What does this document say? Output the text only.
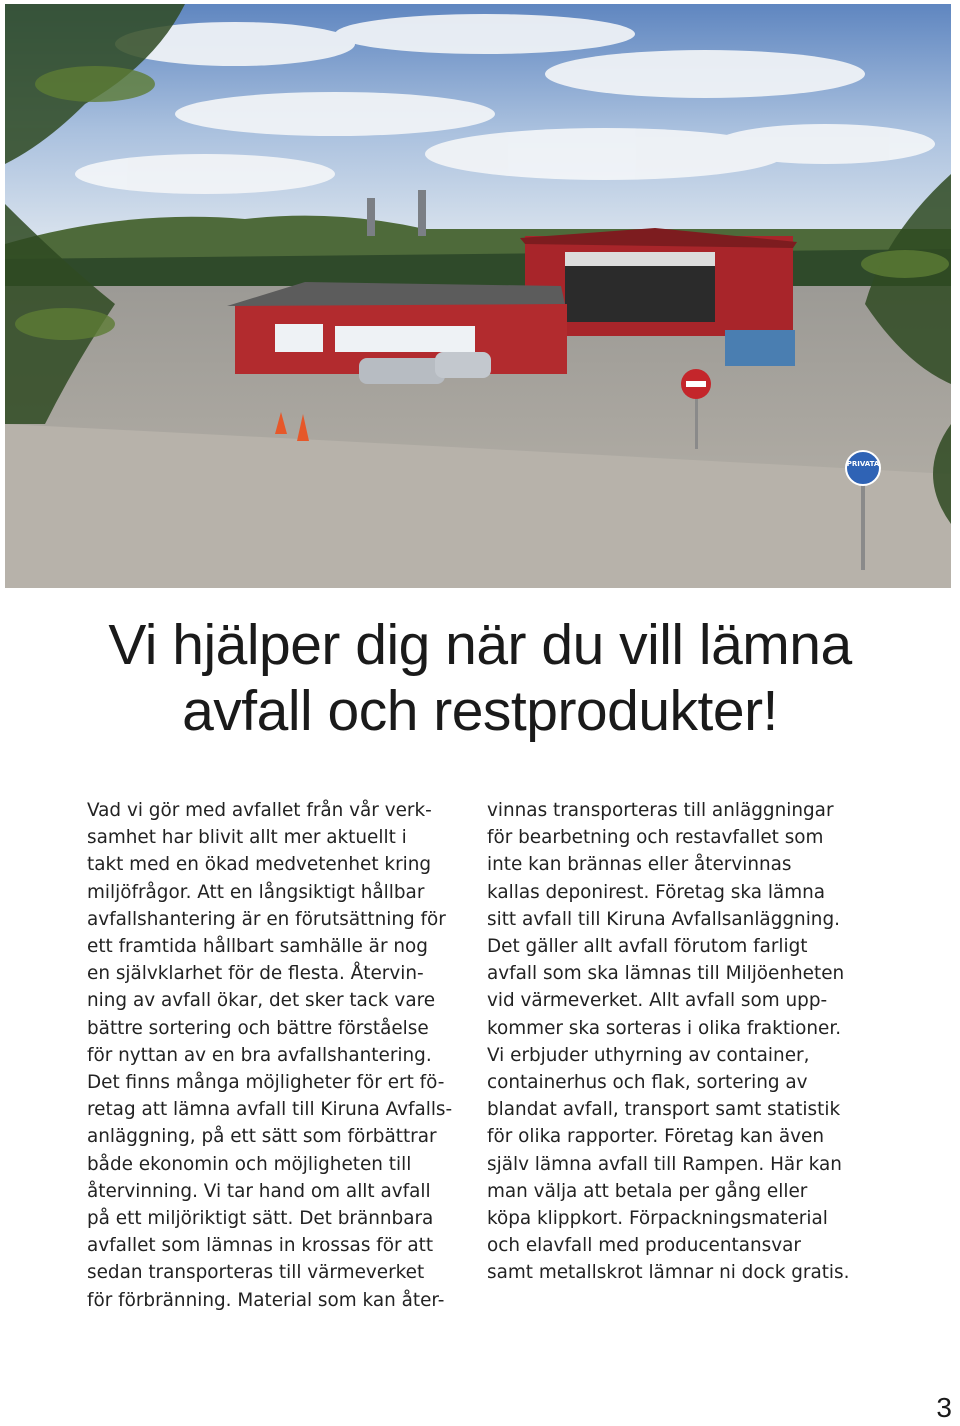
PRIVATA
Vi hjälper dig när du vill lämna
avfall och restprodukter!
Vad vi gör med avfallet från vår verk-
samhet har blivit allt mer aktuellt i
takt med en ökad medvetenhet kring
miljöfrågor. Att en långsiktigt hållbar
avfallshantering är en förutsättning för
ett framtida hållbart samhälle är nog
en självklarhet för de flesta. Återvin-
ning av avfall ökar, det sker tack vare
bättre sortering och bättre förståelse
för nyttan av en bra avfallshantering.
Det finns många möjligheter för ert fö-
retag att lämna avfall till Kiruna Avfalls-
anläggning, på ett sätt som förbättrar
både ekonomin och möjligheten till
återvinning. Vi tar hand om allt avfall
på ett miljöriktigt sätt. Det brännbara
avfallet som lämnas in krossas för att
sedan transporteras till värmeverket
för förbränning. Material som kan åter-
vinnas transporteras till anläggningar
för bearbetning och restavfallet som
inte kan brännas eller återvinnas
kallas deponirest. Företag ska lämna
sitt avfall till Kiruna Avfallsanläggning.
Det gäller allt avfall förutom farligt
avfall som ska lämnas till Miljöenheten
vid värmeverket. Allt avfall som upp-
kommer ska sorteras i olika fraktioner.
Vi erbjuder uthyrning av container,
containerhus och flak, sortering av
blandat avfall, transport samt statistik
för olika rapporter. Företag kan även
själv lämna avfall till Rampen. Här kan
man välja att betala per gång eller
köpa klippkort. Förpackningsmaterial
och elavfall med producentansvar
samt metallskrot lämnar ni dock gratis.
3
